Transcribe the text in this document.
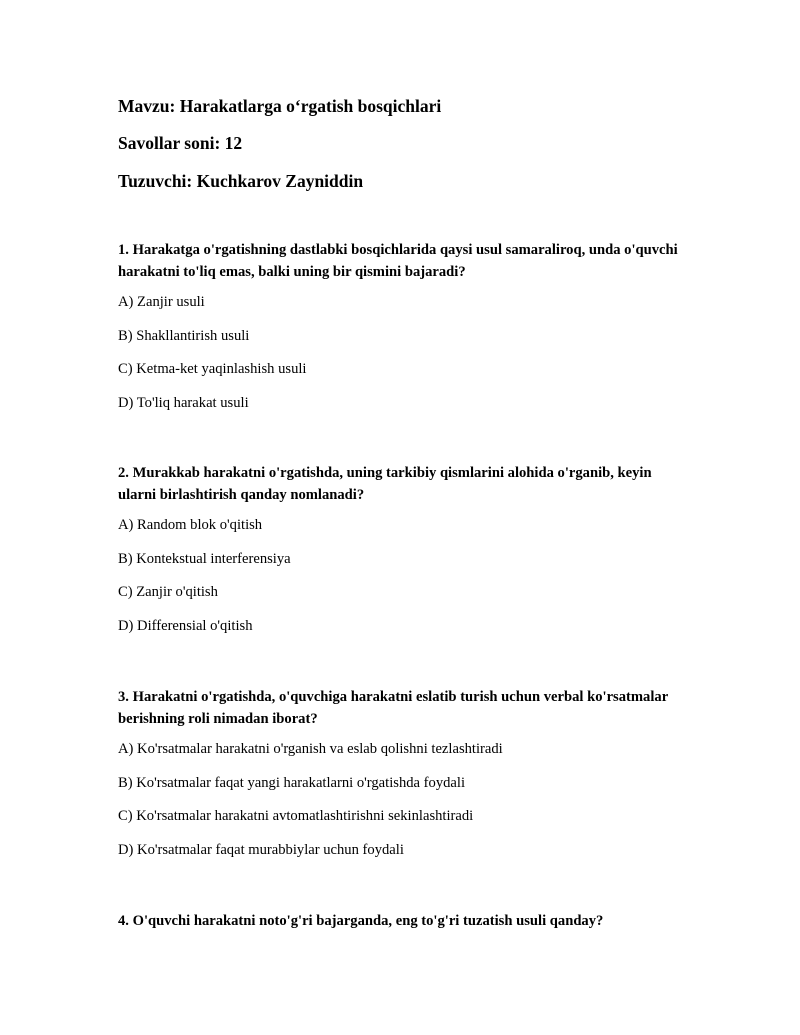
Mavzu: Harakatlarga o‘rgatish bosqichlari
Savollar soni: 12
Tuzuvchi: Kuchkarov Zayniddin

1. Harakatga o'rgatishning dastlabki bosqichlarida qaysi usul samaraliroq, unda o'quvchi harakatni to'liq emas, balki uning bir qismini bajaradi?

A) Zanjir usuli
B) Shakllantirish usuli
C) Ketma-ket yaqinlashish usuli
D) To'liq harakat usuli

2. Murakkab harakatni o'rgatishda, uning tarkibiy qismlarini alohida o'rganib, keyin ularni birlashtirish qanday nomlanadi?

A) Random blok o'qitish
B) Kontekstual interferensiya
C) Zanjir o'qitish
D) Differensial o'qitish

3. Harakatni o'rgatishda, o'quvchiga harakatni eslatib turish uchun verbal ko'rsatmalar berishning roli nimadan iborat?

A) Ko'rsatmalar harakatni o'rganish va eslab qolishni tezlashtiradi
B) Ko'rsatmalar faqat yangi harakatlarni o'rgatishda foydali
C) Ko'rsatmalar harakatni avtomatlashtirishni sekinlashtiradi
D) Ko'rsatmalar faqat murabbiylar uchun foydali

4. O'quvchi harakatni noto'g'ri bajarganda, eng to'g'ri tuzatish usuli qanday?
